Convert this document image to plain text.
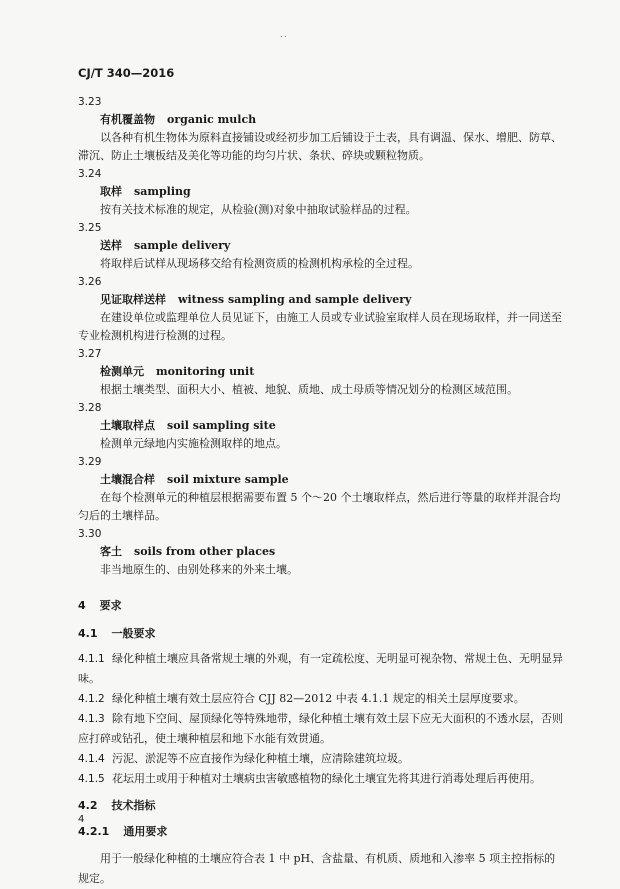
..
CJ/T 340—2016
3.23
有机覆盖物 organic mulch
以各种有机生物体为原料直接铺设或经初步加工后铺设于土表，具有调温、保水、增肥、防草、滞沉、防止土壤板结及美化等功能的均匀片状、条状、碎块或颗粒物质。
3.24
取样 sampling
按有关技术标准的规定，从检验(测)对象中抽取试验样品的过程。
3.25
送样 sample delivery
将取样后试样从现场移交给有检测资质的检测机构承检的全过程。
3.26
见证取样送样 witness sampling and sample delivery
在建设单位或监理单位人员见证下，由施工人员或专业试验室取样人员在现场取样，并一同送至专业检测机构进行检测的过程。
3.27
检测单元 monitoring unit
根据土壤类型、面积大小、植被、地貌、质地、成土母质等情况划分的检测区域范围。
3.28
土壤取样点 soil sampling site
检测单元绿地内实施检测取样的地点。
3.29
土壤混合样 soil mixture sample
在每个检测单元的种植层根据需要布置 5 个～20 个土壤取样点，然后进行等量的取样并混合均匀后的土壤样品。
3.30
客土 soils from other places
非当地原生的、由别处移来的外来土壤。
4 要求
4.1 一般要求
4.1.1 绿化种植土壤应具备常规土壤的外观，有一定疏松度、无明显可视杂物、常规土色、无明显异味。
4.1.2 绿化种植土壤有效土层应符合 CJJ 82—2012 中表 4.1.1 规定的相关土层厚度要求。
4.1.3 除有地下空间、屋顶绿化等特殊地带，绿化种植土壤有效土层下应无大面积的不透水层，否则应打碎或钻孔，使土壤种植层和地下水能有效贯通。
4.1.4 污泥、淤泥等不应直接作为绿化种植土壤，应清除建筑垃圾。
4.1.5 花坛用土或用于种植对土壤病虫害敏感植物的绿化土壤宜先将其进行消毒处理后再使用。
4.2 技术指标
4.2.1 通用要求
用于一般绿化种植的土壤应符合表 1 中 pH、含盐量、有机质、质地和入渗率 5 项主控指标的规定。
4
